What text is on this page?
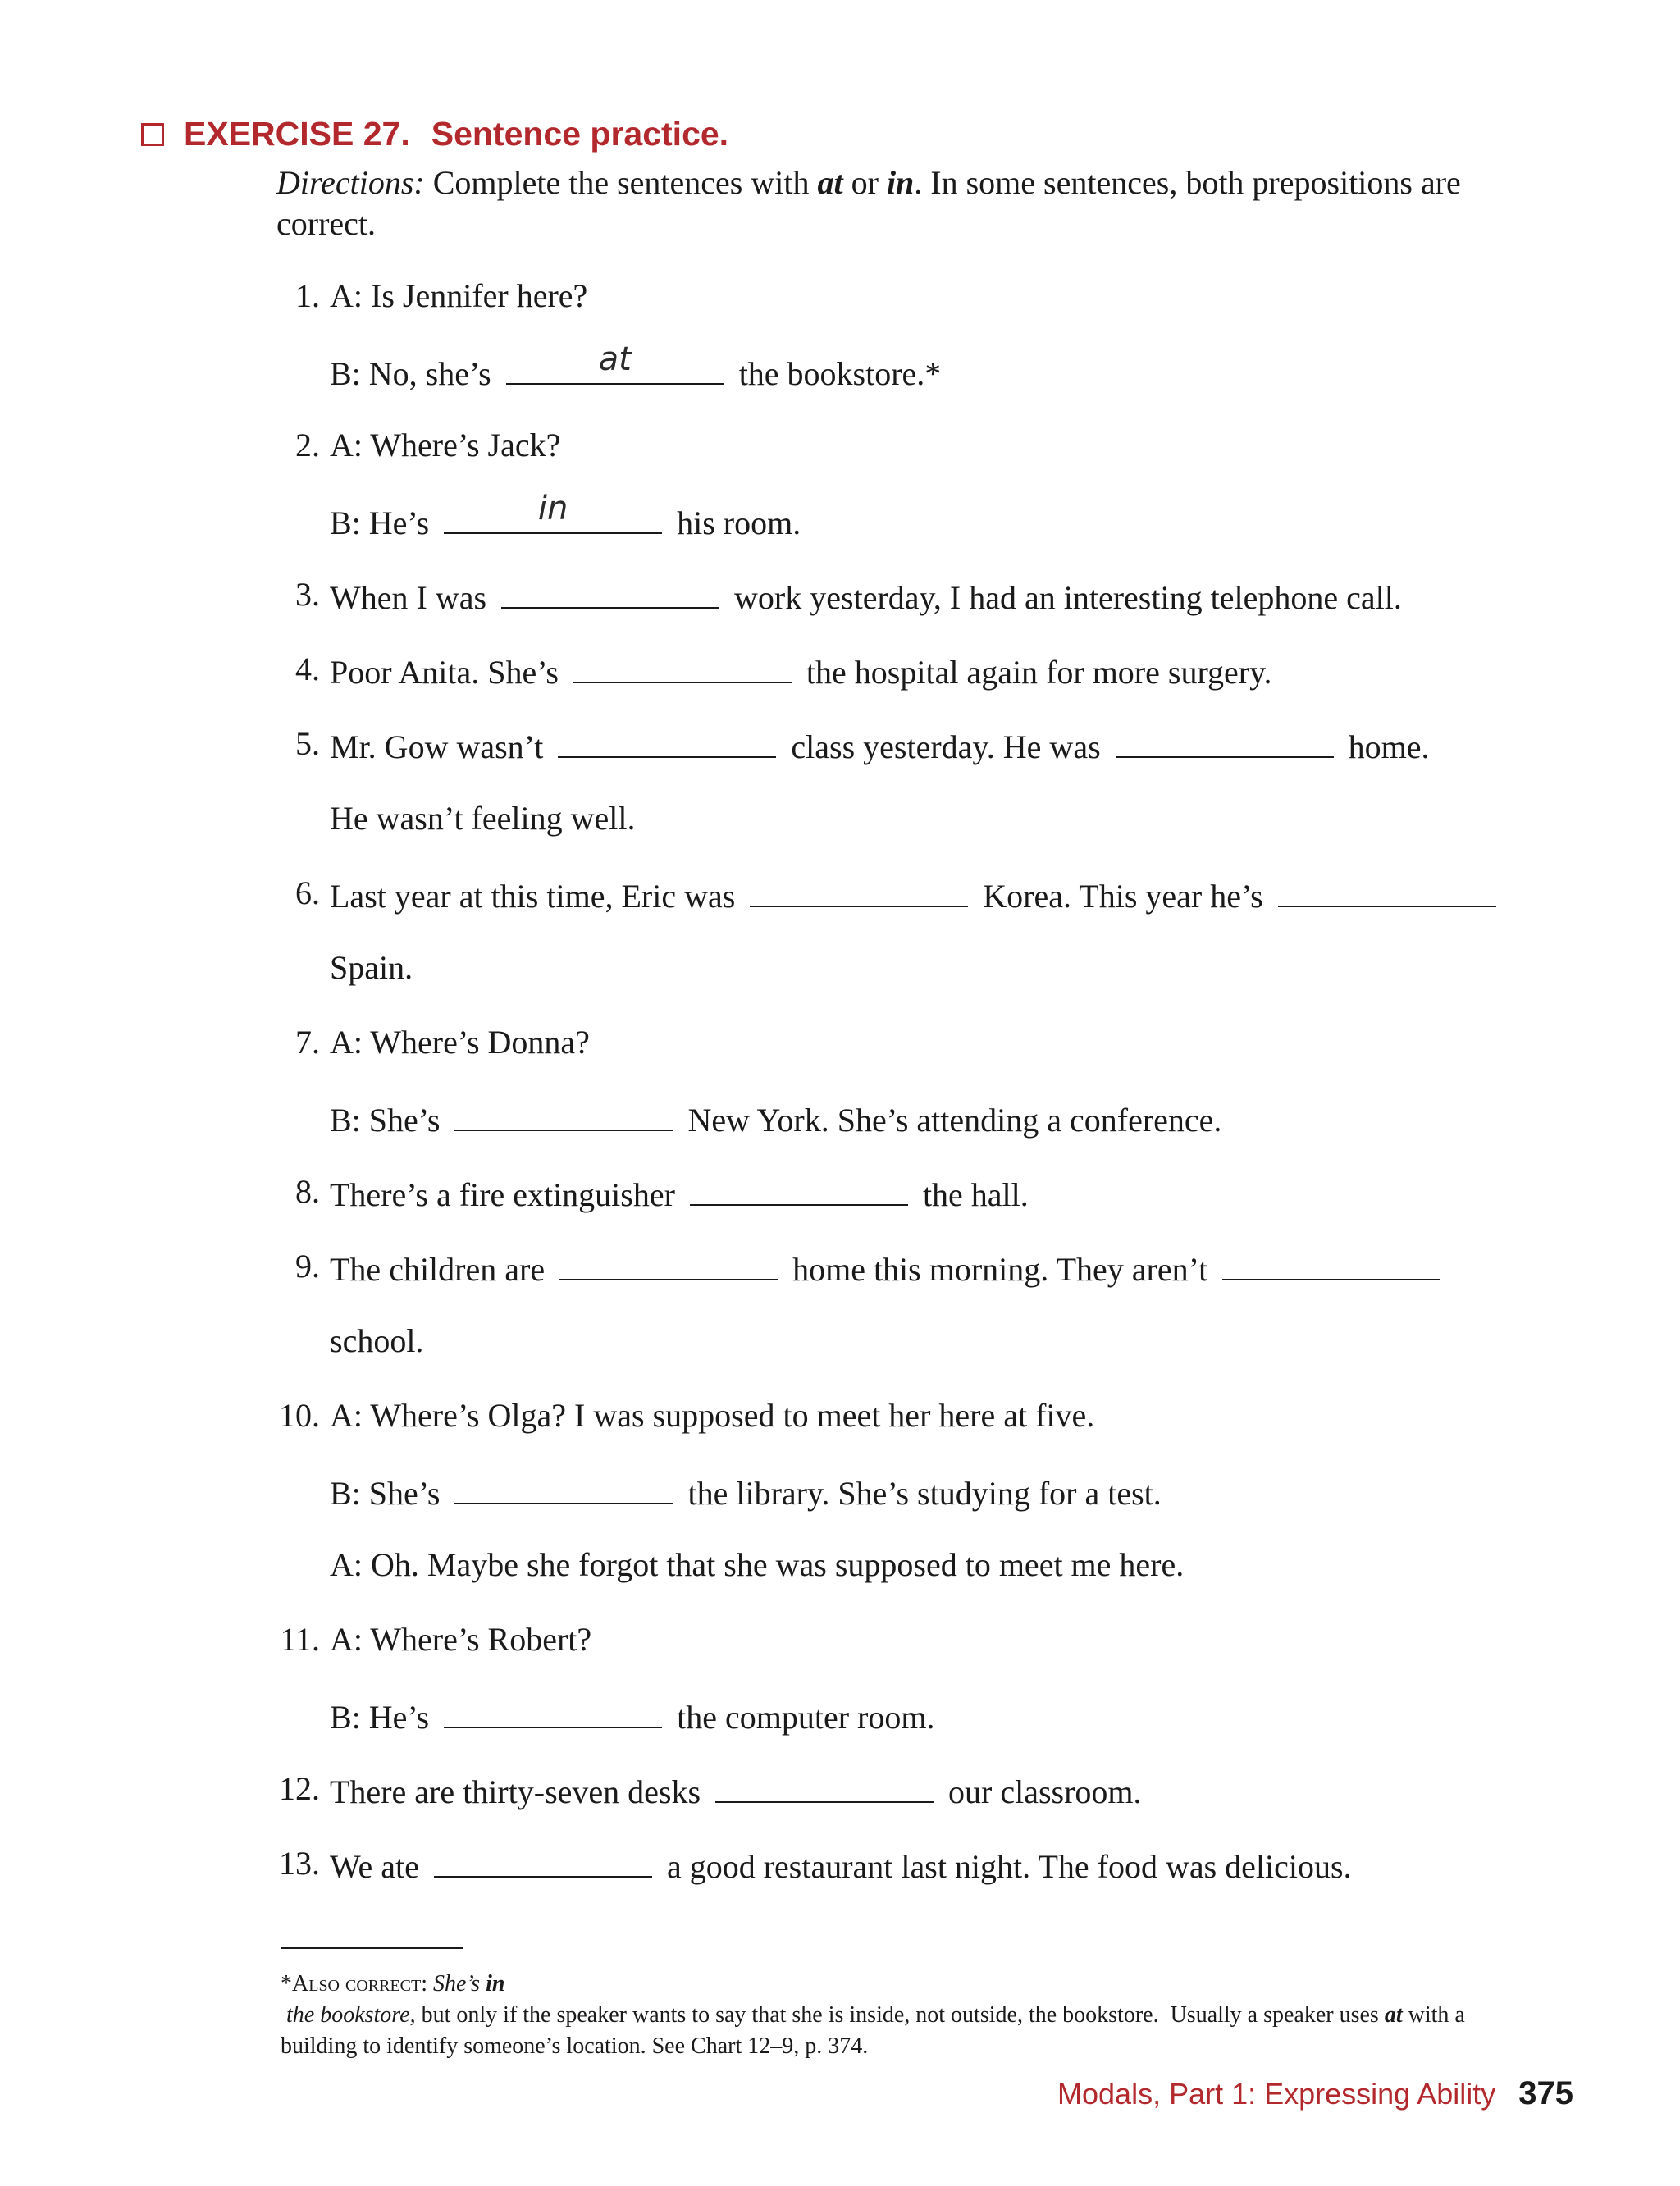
EXERCISE 27. Sentence practice.
Directions: Complete the sentences with at or in. In some sentences, both prepositions are correct.
1. A: Is Jennifer here?
B: No, she’s	at	the bookstore.*
2. A: Where’s Jack?
B: He’s	in	his room.
3. When I was	work yesterday, I had an interesting telephone call.
4. Poor Anita. She’s	the hospital again for more surgery.
5. Mr. Gow wasn’t	class yesterday. He was	home.
He wasn’t feeling well.
6. Last year at this time, Eric was	Korea. This year he’s
Spain.
7. A: Where’s Donna?
B: She’s	New York. She’s attending a conference.
8. There’s a fire extinguisher	the hall.
9. The children are	home this morning. They aren’t
school.
10. A: Where’s Olga? I was supposed to meet her here at five.
B: She’s	the library. She’s studying for a test.
A: Oh. Maybe she forgot that she was supposed to meet me here.
11. A: Where’s Robert?
B: He’s	the computer room.
12. There are thirty-seven desks	our classroom.
13. We ate	a good restaurant last night. The food was delicious.
*Also correct: She’s in the bookstore, but only if the speaker wants to say that she is inside, not outside, the bookstore.  Usually a speaker uses at with a building to identify someone’s location. See Chart 12–9, p. 374.
Modals, Part 1: Expressing Ability 375
